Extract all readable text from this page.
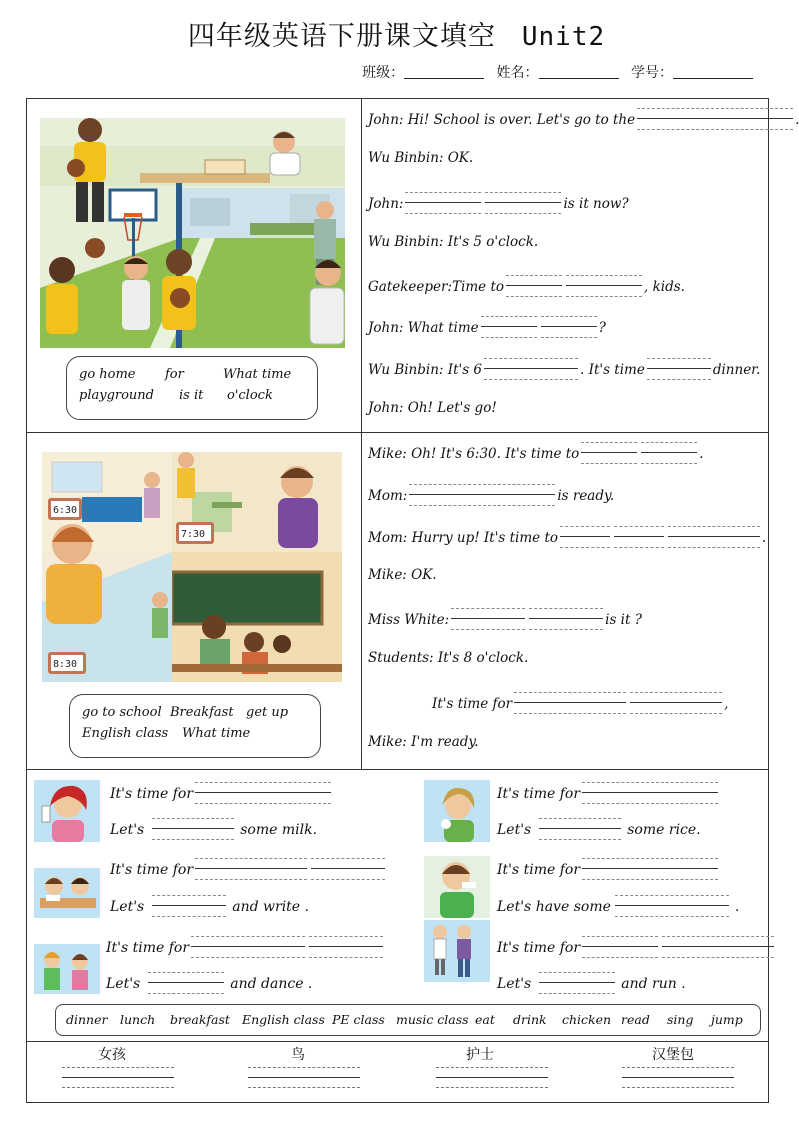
四年级英语下册课文填空 Unit2
班级：	姓名：	学号：
go home for	What time
playground is it o'clock
John: Hi! School is over. Let's go to the	.
Wu Binbin: OK.
John:	is it now?
Wu Binbin: It's 5 o'clock.
Gatekeeper:Time to	, kids.
John: What time	?
Wu Binbin: It's 6	. It's time	dinner.
John: Oh! Let's go!
6:30
7:30
8:30
go to school Breakfast get up
English class What time
Mike: Oh! It's 6:30. It's time to	.
Mom:	is ready.
Mom: Hurry up! It's time to	.
Mike: OK.
Miss White:	is it ?
Students: It's 8 o'clock.
It's time for	,
Mike: I'm ready.
It's time for
Let's	some milk.
It's time for
Let's	and write .
It's time for
Let's	and dance .
It's time for
Let's	some rice.
It's time for
Let's have some	.
It's time for
Let's	and run .
dinner lunch breakfast English class PE class music class eat drink chicken read sing jump
女孩	鸟	护士	汉堡包
